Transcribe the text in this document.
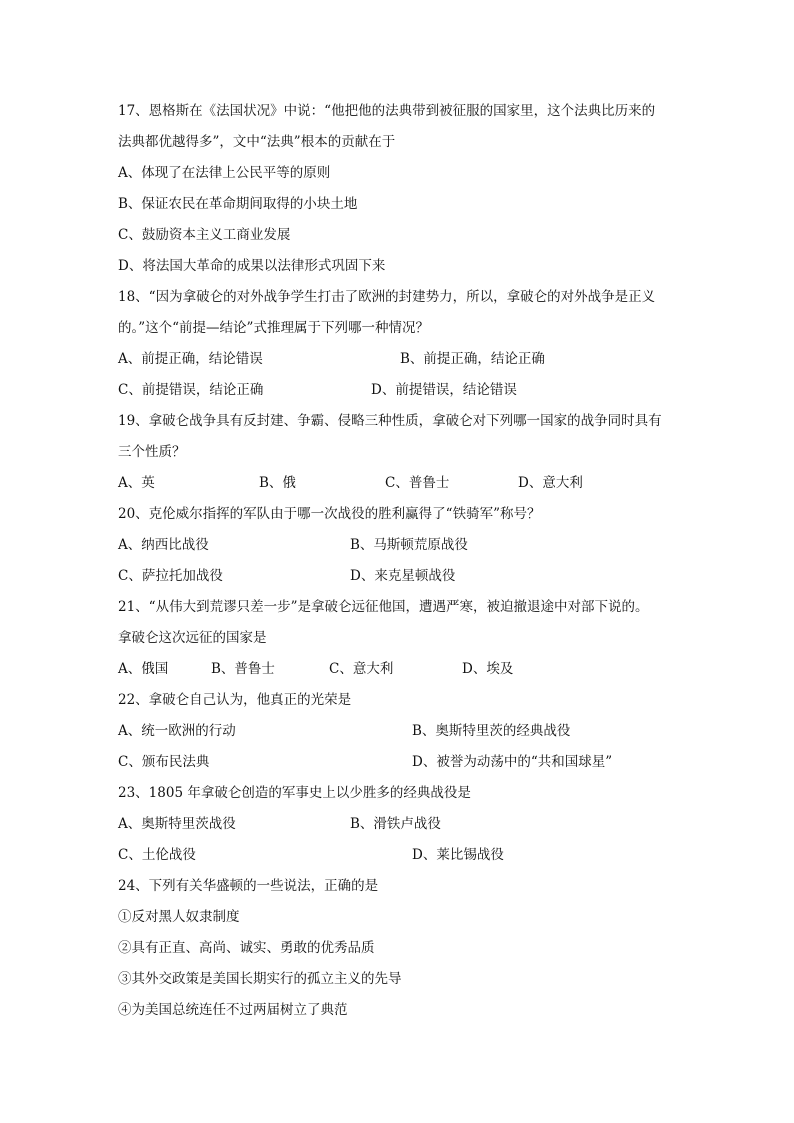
17、恩格斯在《法国状况》中说：“他把他的法典带到被征服的国家里，这个法典比历来的
法典都优越得多”，文中“法典”根本的贡献在于
A、体现了在法律上公民平等的原则
B、保证农民在革命期间取得的小块土地
C、鼓励资本主义工商业发展
D、将法国大革命的成果以法律形式巩固下来
18、“因为拿破仑的对外战争学生打击了欧洲的封建势力，所以，拿破仑的对外战争是正义
的。”这个“前提—结论”式推理属于下列哪一种情况？
A、前提正确，结论错误	B、前提正确，结论正确
C、前提错误，结论正确	D、前提错误，结论错误
19、拿破仑战争具有反封建、争霸、侵略三种性质，拿破仑对下列哪一国家的战争同时具有
三个性质？
A、英	B、俄	C、普鲁士	D、意大利
20、克伦威尔指挥的军队由于哪一次战役的胜利赢得了“铁骑军”称号？
A、纳西比战役	B、马斯顿荒原战役
C、萨拉托加战役	D、来克星顿战役
21、“从伟大到荒谬只差一步”是拿破仑远征他国，遭遇严寒，被迫撤退途中对部下说的。
拿破仑这次远征的国家是
A、俄国	B、普鲁士	C、意大利	D、埃及
22、拿破仑自己认为，他真正的光荣是
A、统一欧洲的行动	B、奥斯特里茨的经典战役
C、颁布民法典	D、被誉为动荡中的“共和国球星”
23、1805 年拿破仑创造的军事史上以少胜多的经典战役是
A、奥斯特里茨战役	B、滑铁卢战役
C、土伦战役	D、莱比锡战役
24、下列有关华盛顿的一些说法，正确的是
①反对黑人奴隶制度
②具有正直、高尚、诚实、勇敢的优秀品质
③其外交政策是美国长期实行的孤立主义的先导
④为美国总统连任不过两届树立了典范
